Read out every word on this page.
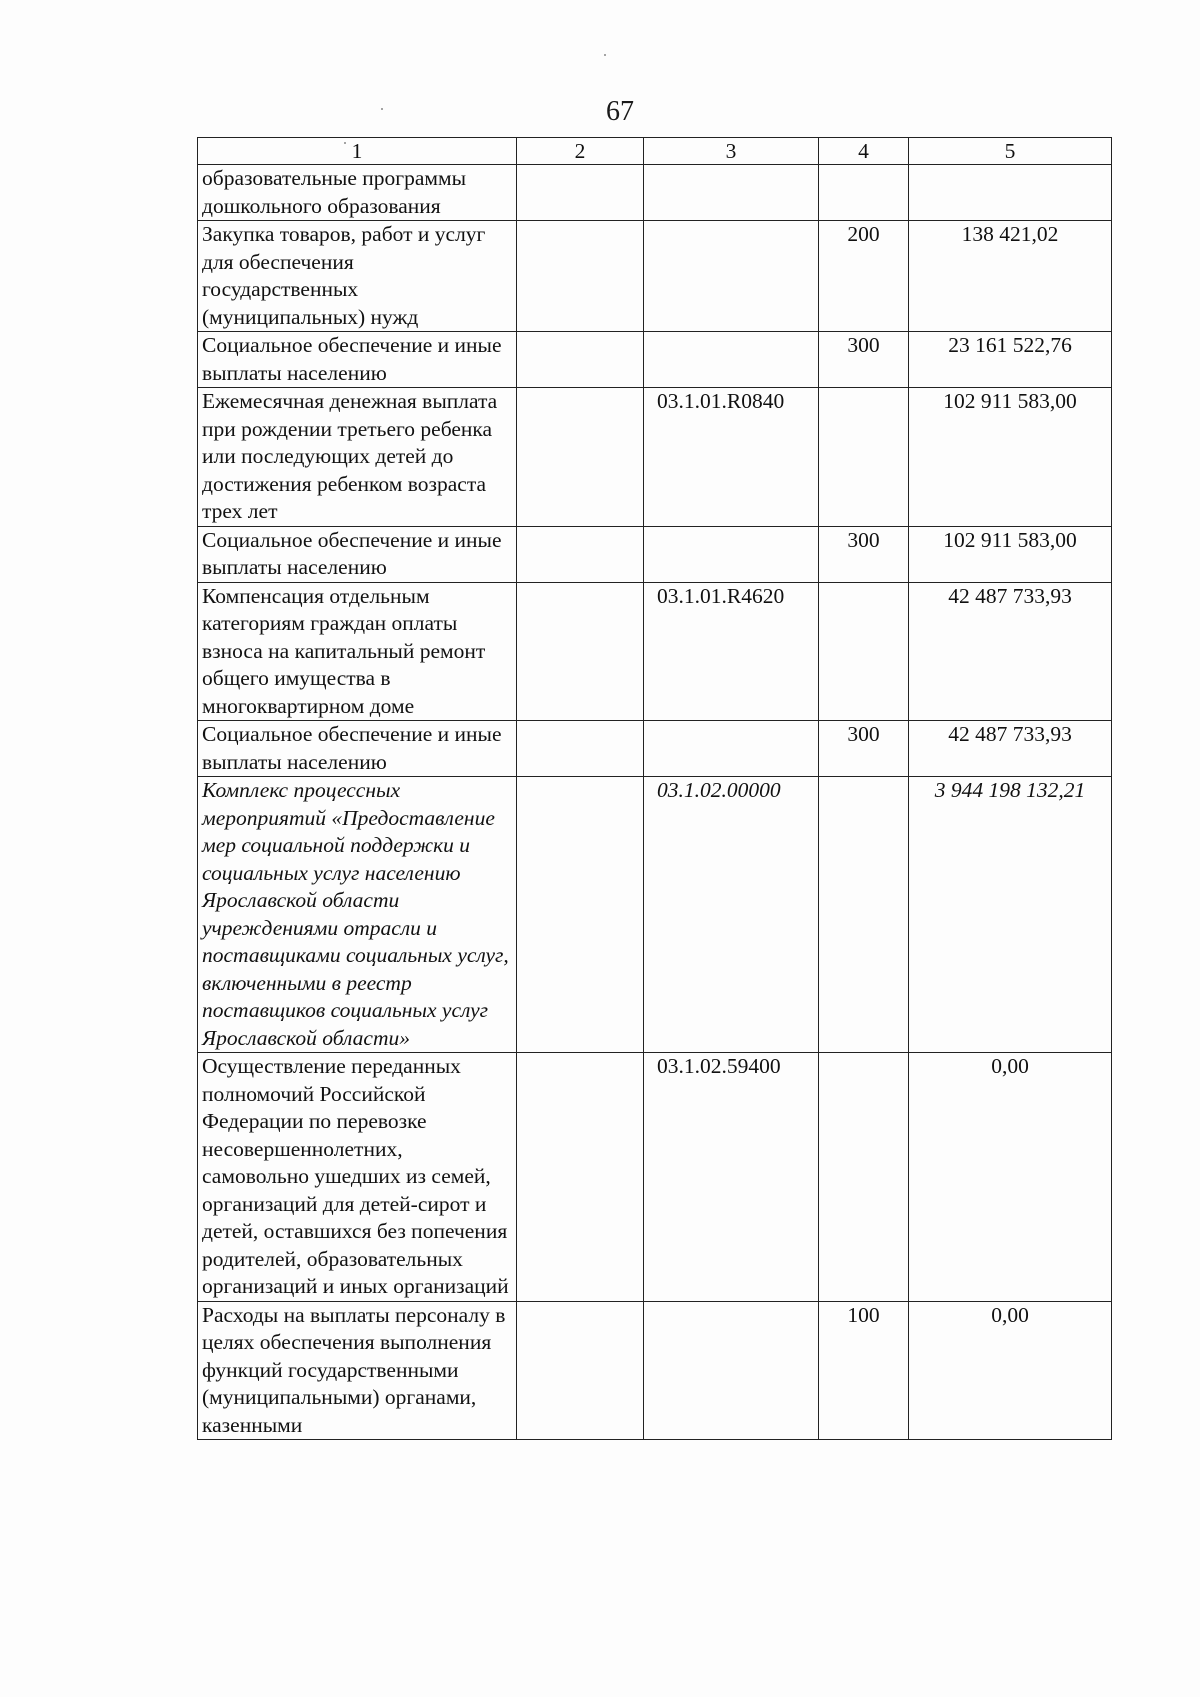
67
1	2	3	4	5
образовательные программы дошкольного образования				
Закупка товаров, работ и услуг для обеспечения государственных (муниципальных) нужд			200	138 421,02
Социальное обеспечение и иные выплаты населению			300	23 161 522,76
Ежемесячная денежная выплата при рождении третьего ребенка или последующих детей до достижения ребенком возраста трех лет		03.1.01.R0840		102 911 583,00
Социальное обеспечение и иные выплаты населению			300	102 911 583,00
Компенсация отдельным категориям граждан оплаты взноса на капитальный ремонт общего имущества в многоквартирном доме		03.1.01.R4620		42 487 733,93
Социальное обеспечение и иные выплаты населению			300	42 487 733,93
Комплекс процессных мероприятий «Предоставление мер социальной поддержки и социальных услуг населению Ярославской области учреждениями отрасли и поставщиками социальных услуг, включенными в реестр поставщиков социальных услуг Ярославской области»		03.1.02.00000		3 944 198 132,21
Осуществление переданных полномочий Российской Федерации по перевозке несовершеннолетних, самовольно ушедших из семей, организаций для детей-сирот и детей, оставшихся без попечения родителей, образовательных организаций и иных организаций		03.1.02.59400		0,00
Расходы на выплаты персоналу в целях обеспечения выполнения функций государственными (муниципальными) органами, казенными			100	0,00
